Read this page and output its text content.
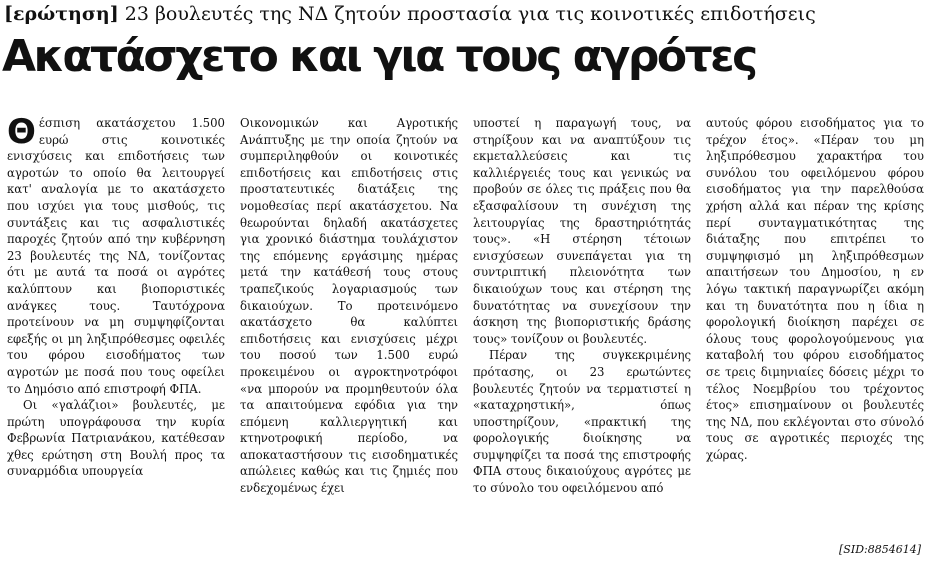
[ερώτηση] 23 βουλευτές της ΝΔ ζητούν προστασία για τις κοινοτικές επιδοτήσεις
Ακατάσχετο και για τους αγρότες

Θέσπιση ακατάσχετου 1.500 ευρώ στις κοινοτικές ενισχύσεις και επιδοτήσεις των αγροτών το οποίο θα λειτουργεί κατ' αναλογία με το ακατάσχετο που ισχύει για τους μισθούς, τις συντάξεις και τις ασφαλιστικές παροχές ζητούν από την κυβέρνηση 23 βουλευτές της ΝΔ, τονίζοντας ότι με αυτά τα ποσά οι αγρότες καλύπτουν και βιοποριστικές ανάγκες τους. Ταυτόχρονα προτείνουν να μη συμψηφίζονται εφεξής οι μη ληξιπρόθεσμες οφειλές του φόρου εισοδήματος των αγροτών με ποσά που τους οφείλει το Δημόσιο από επιστροφή ΦΠΑ.

Οι «γαλάζιοι» βουλευτές, με πρώτη υπογράφουσα την κυρία Φεβρωνία Πατριανάκου, κατέθεσαν χθες ερώτηση στη Βουλή προς τα συναρμόδια υπουργεία

Οικονομικών και Αγροτικής Ανάπτυξης με την οποία ζητούν να συμπεριληφθούν οι κοινοτικές επιδοτήσεις και επιδοτήσεις στις προστατευτικές διατάξεις της νομοθεσίας περί ακατάσχετου. Να θεωρούνται δηλαδή ακατάσχετες για χρονικό διάστημα τουλάχιστον της επόμενης εργάσιμης ημέρας μετά την κατάθεσή τους στους τραπεζικούς λογαριασμούς των δικαιούχων. Το προτεινόμενο ακατάσχετο θα καλύπτει επιδοτήσεις και ενισχύσεις μέχρι του ποσού των 1.500 ευρώ προκειμένου οι αγροκτηνοτρόφοι «να μπορούν να προμηθευτούν όλα τα απαιτούμενα εφόδια για την επόμενη καλλιεργητική και κτηνοτροφική περίοδο, να αποκαταστήσουν τις εισοδηματικές απώλειες καθώς και τις ζημιές που ενδεχομένως έχει

υποστεί η παραγωγή τους, να στηρίξουν και να αναπτύξουν τις εκμεταλλεύσεις και τις καλλιέργειές τους και γενικώς να προβούν σε όλες τις πράξεις που θα εξασφαλίσουν τη συνέχιση της λειτουργίας της δραστηριότητάς τους». «Η στέρηση τέτοιων ενισχύσεων συνεπάγεται για τη συντριπτική πλειονότητα των δικαιούχων τους και στέρηση της δυνατότητας να συνεχίσουν την άσκηση της βιοποριστικής δράσης τους» τονίζουν οι βουλευτές.

Πέραν της συγκεκριμένης πρότασης, οι 23 ερωτώντες βουλευτές ζητούν να τερματιστεί η «καταχρηστική», όπως υποστηρίζουν, «πρακτική της φορολογικής διοίκησης να συμψηφίζει τα ποσά της επιστροφής ΦΠΑ στους δικαιούχους αγρότες με το σύνολο του οφειλόμενου από

αυτούς φόρου εισοδήματος για το τρέχον έτος». «Πέραν του μη ληξιπρόθεσμου χαρακτήρα του συνόλου του οφειλόμενου φόρου εισοδήματος για την παρελθούσα χρήση αλλά και πέραν της κρίσης περί συνταγματικότητας της διάταξης που επιτρέπει το συμψηφισμό μη ληξιπρόθεσμων απαιτήσεων του Δημοσίου, η εν λόγω τακτική παραγνωρίζει ακόμη και τη δυνατότητα που η ίδια η φορολογική διοίκηση παρέχει σε όλους τους φορολογούμενους για καταβολή του φόρου εισοδήματος σε τρεις διμηνιαίες δόσεις μέχρι το τέλος Νοεμβρίου του τρέχοντος έτος» επισημαίνουν οι βουλευτές της ΝΔ, που εκλέγονται στο σύνολό τους σε αγροτικές περιοχές της χώρας.

[SID:8854614]
